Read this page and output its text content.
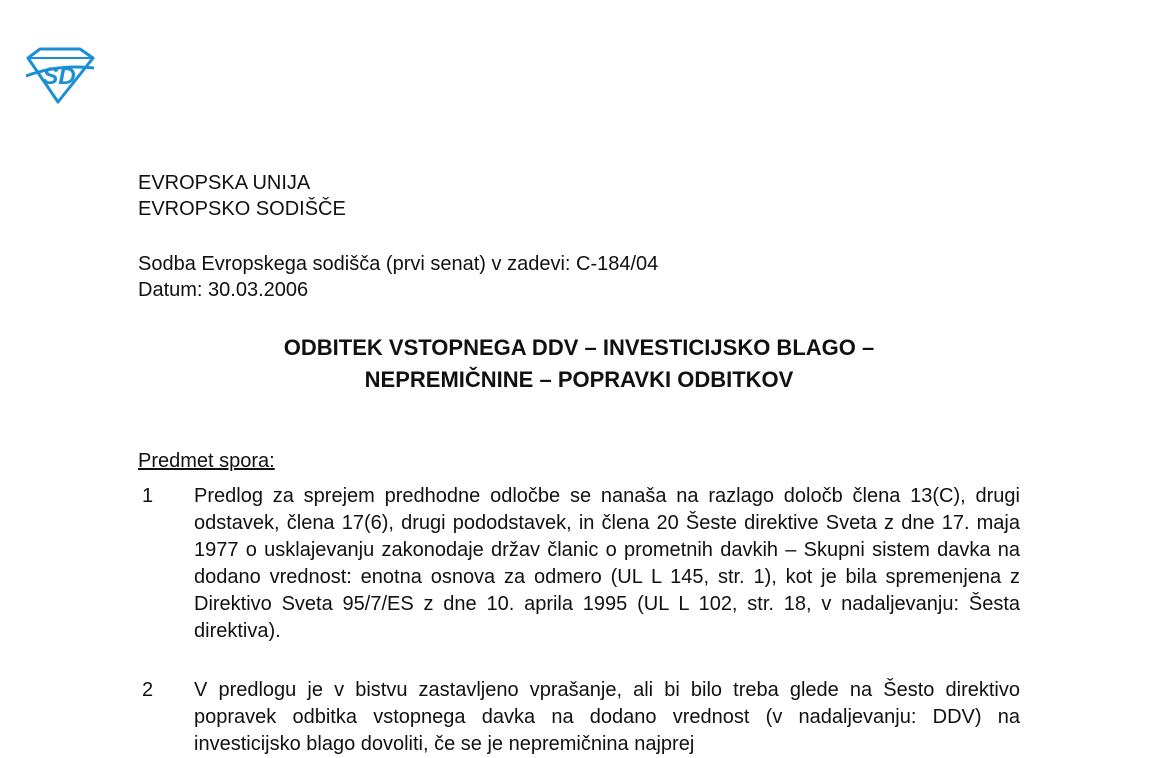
SD
EVROPSKA UNIJA
EVROPSKO SODIŠČE
Sodba Evropskega sodišča (prvi senat) v zadevi: C-184/04
Datum: 30.03.2006
ODBITEK VSTOPNEGA DDV – INVESTICIJSKO BLAGO –
NEPREMIČNINE – POPRAVKI ODBITKOV
Predmet spora:
1 Predlog za sprejem predhodne odločbe se nanaša na razlago določb člena 13(C), drugi odstavek, člena 17(6), drugi pododstavek, in člena 20 Šeste direktive Sveta z dne 17. maja 1977 o usklajevanju zakonodaje držav članic o prometnih davkih – Skupni sistem davka na dodano vrednost: enotna osnova za odmero (UL L 145, str. 1), kot je bila spremenjena z Direktivo Sveta 95/7/ES z dne 10. aprila 1995 (UL L 102, str. 18, v nadaljevanju: Šesta direktiva).
2 V predlogu je v bistvu zastavljeno vprašanje, ali bi bilo treba glede na Šesto direktivo popravek odbitka vstopnega davka na dodano vrednost (v nadaljevanju: DDV) na investicijsko blago dovoliti, če se je nepremičnina najprej
